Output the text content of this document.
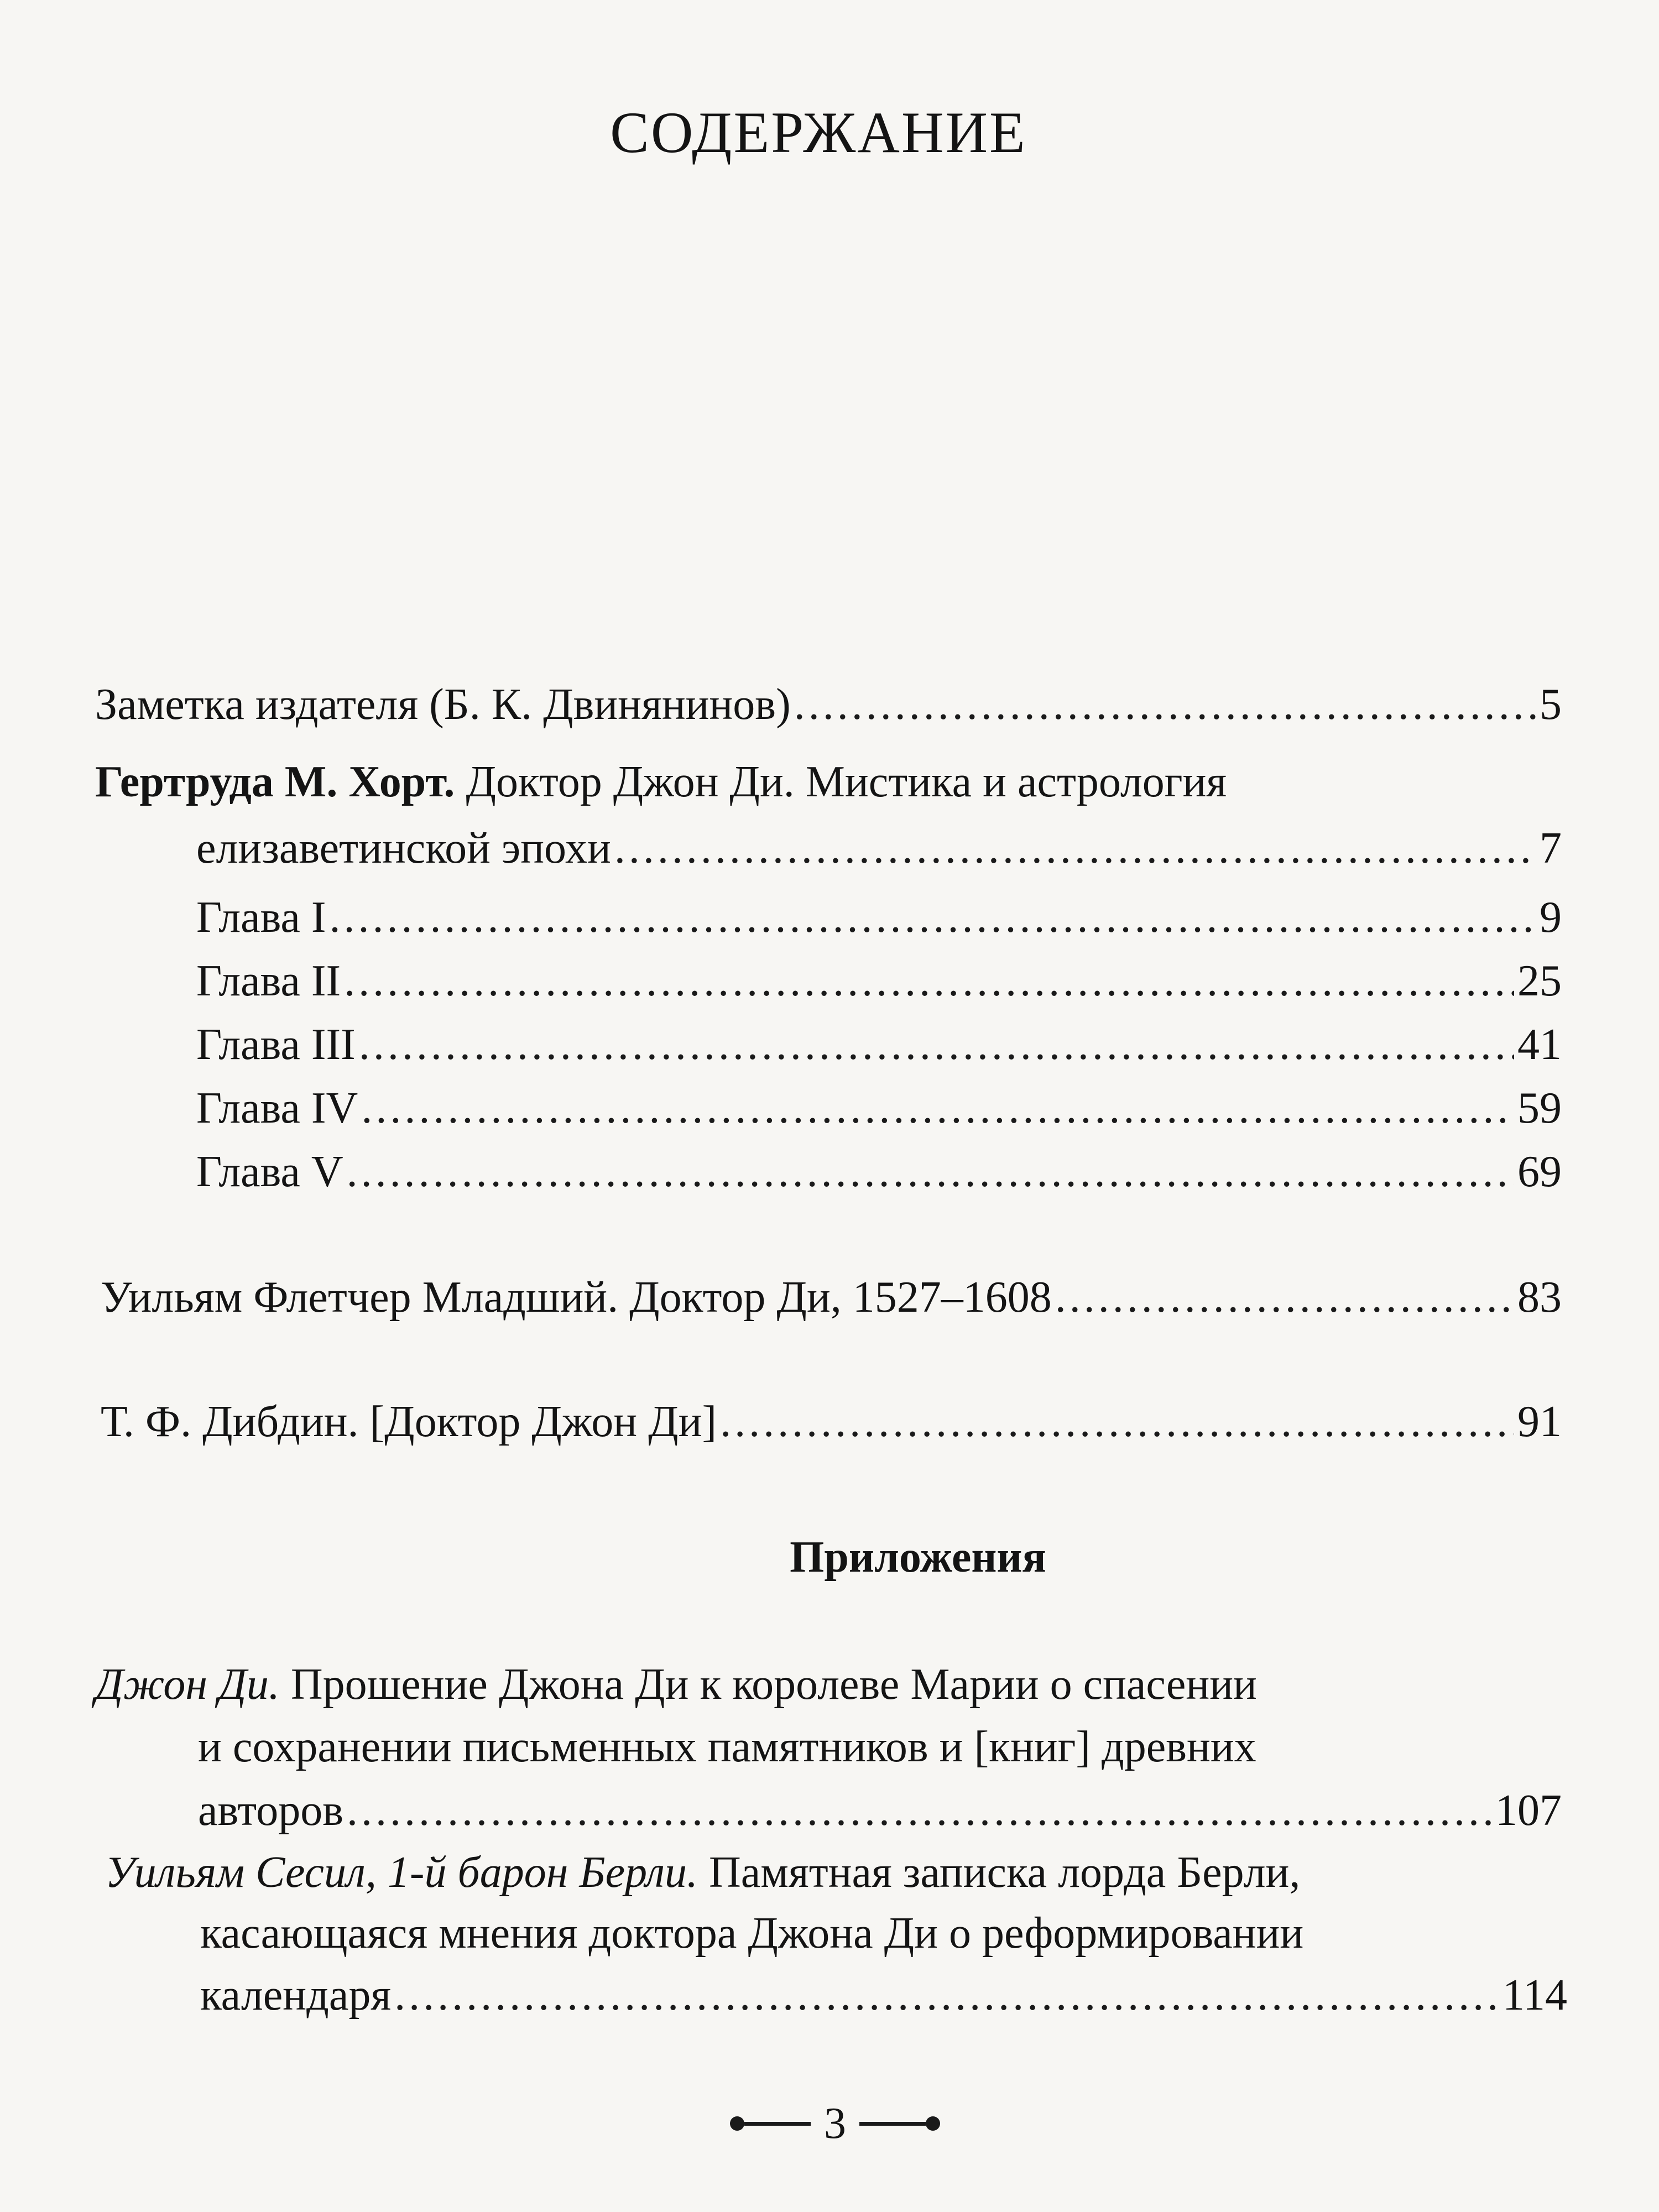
СОДЕРЖАНИЕ
Заметка издателя (Б. К. Двинянинов) .....	5
Гертруда М. Хорт. Доктор Джон Ди. Мистика и астрология
елизаветинской эпохи .....	7
Глава I .....	9
Глава II .....	25
Глава III .....	41
Глава IV .....	59
Глава V .....	69
Уильям Флетчер Младший. Доктор Ди, 1527–1608 .....	83
Т. Ф. Дибдин. [Доктор Джон Ди] .....	91
Приложения
Джон Ди. Прошение Джона Ди к королеве Марии о спасении
и сохранении письменных памятников и [книг] древних
авторов .....	107
Уильям Сесил, 1-й барон Берли. Памятная записка лорда Берли,
касающаяся мнения доктора Джона Ди о реформировании
календаря .....	114
3
